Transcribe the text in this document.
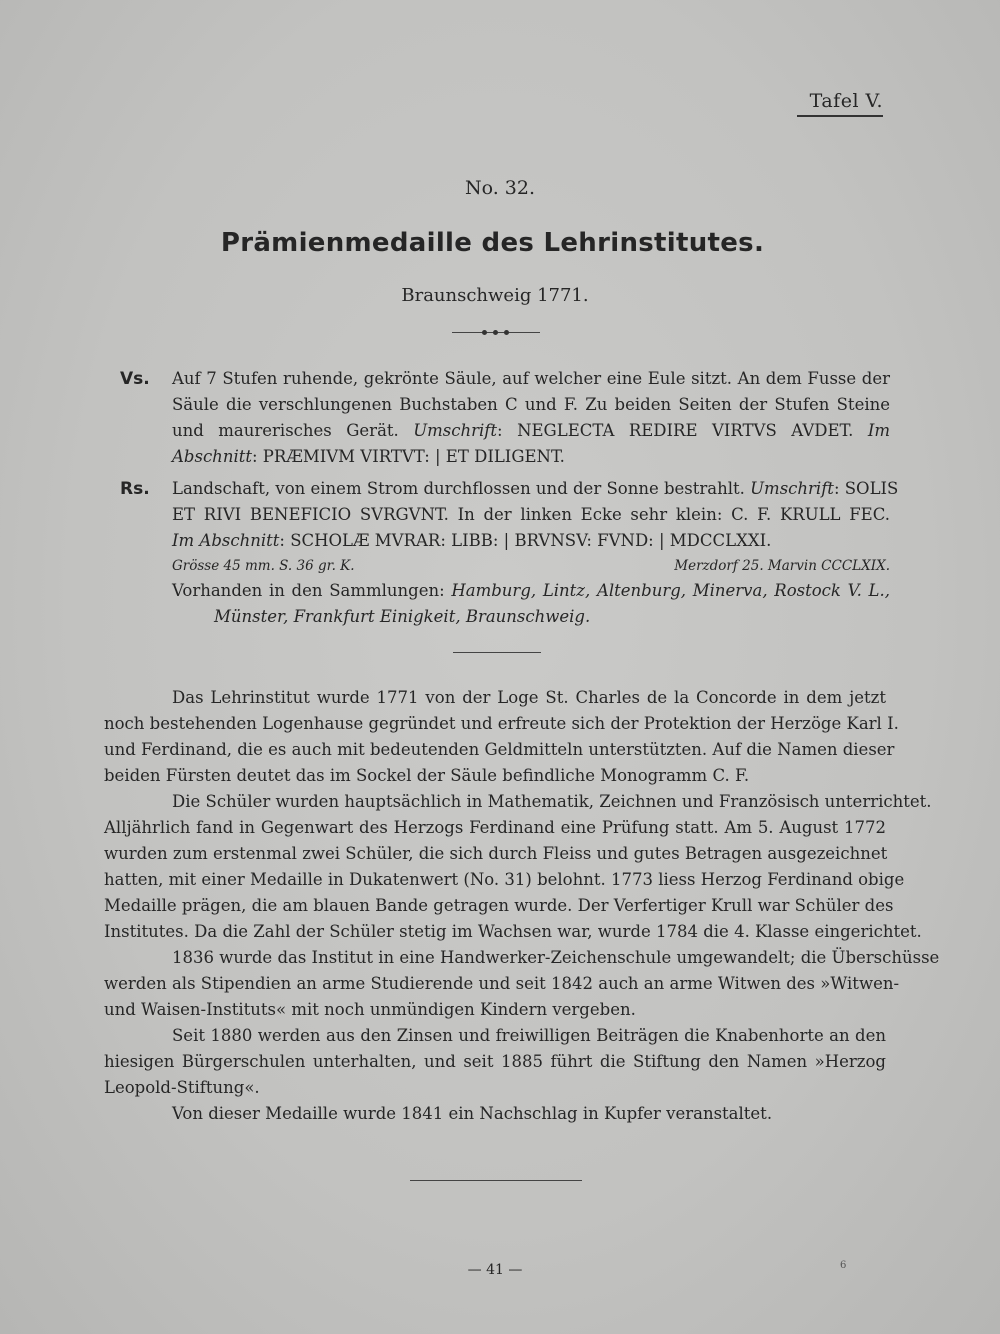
Tafel V.
No. 32.
Prämienmedaille des Lehrinstitutes.
Braunschweig 1771.
Vs. Auf 7 Stufen ruhende, gekrönte Säule, auf welcher eine Eule sitzt. An dem Fusse der
Säule die verschlungenen Buchstaben C und F. Zu beiden Seiten der Stufen Steine
und maurerisches Gerät. Umschrift: NEGLECTA REDIRE VIRTVS AVDET. Im
Abschnitt: PRÆMIVM VIRTVT: | ET DILIGENT.
Rs. Landschaft, von einem Strom durchflossen und der Sonne bestrahlt. Umschrift: SOLIS
ET RIVI BENEFICIO SVRGVNT. In der linken Ecke sehr klein: C. F. KRULL FEC.
Im Abschnitt: SCHOLÆ MVRAR: LIBB: | BRVNSV: FVND: | MDCCLXXI.
Grösse 45 mm. S. 36 gr. K.	Merzdorf 25. Marvin CCCLXIX.
Vorhanden in den Sammlungen: Hamburg, Lintz, Altenburg, Minerva, Rostock V. L.,
Münster, Frankfurt Einigkeit, Braunschweig.
Das Lehrinstitut wurde 1771 von der Loge St. Charles de la Concorde in dem jetzt
noch bestehenden Logenhause gegründet und erfreute sich der Protektion der Herzöge Karl I.
und Ferdinand, die es auch mit bedeutenden Geldmitteln unterstützten. Auf die Namen dieser
beiden Fürsten deutet das im Sockel der Säule befindliche Monogramm C. F.
Die Schüler wurden hauptsächlich in Mathematik, Zeichnen und Französisch unterrichtet.
Alljährlich fand in Gegenwart des Herzogs Ferdinand eine Prüfung statt. Am 5. August 1772
wurden zum erstenmal zwei Schüler, die sich durch Fleiss und gutes Betragen ausgezeichnet
hatten, mit einer Medaille in Dukatenwert (No. 31) belohnt. 1773 liess Herzog Ferdinand obige
Medaille prägen, die am blauen Bande getragen wurde. Der Verfertiger Krull war Schüler des
Institutes. Da die Zahl der Schüler stetig im Wachsen war, wurde 1784 die 4. Klasse eingerichtet.
1836 wurde das Institut in eine Handwerker-Zeichenschule umgewandelt; die Überschüsse
werden als Stipendien an arme Studierende und seit 1842 auch an arme Witwen des »Witwen-
und Waisen-Instituts« mit noch unmündigen Kindern vergeben.
Seit 1880 werden aus den Zinsen und freiwilligen Beiträgen die Knabenhorte an den
hiesigen Bürgerschulen unterhalten, und seit 1885 führt die Stiftung den Namen »Herzog
Leopold-Stiftung«.
Von dieser Medaille wurde 1841 ein Nachschlag in Kupfer veranstaltet.
— 41 —	6
